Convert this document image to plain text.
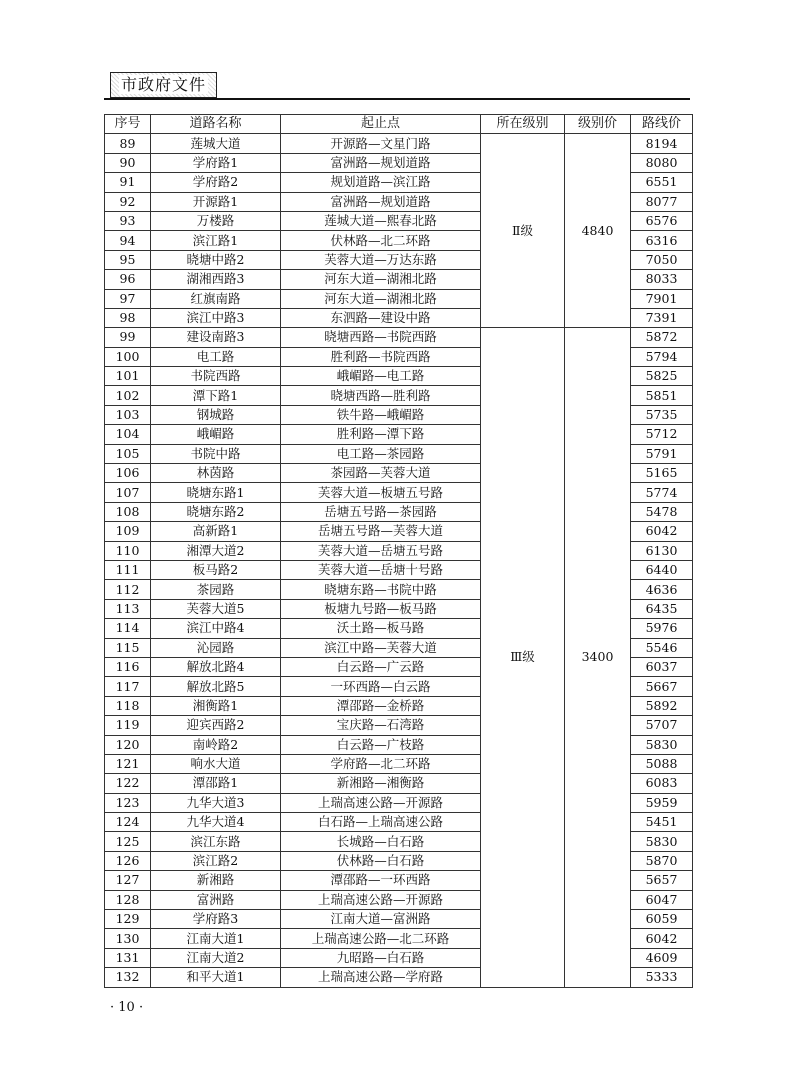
市政府文件
序号	道路名称	起止点	所在级别	级别价	路线价
89	莲城大道	开源路—文星门路	Ⅱ级	4840	8194
90	学府路1	富洲路—规划道路			8080
91	学府路2	规划道路—滨江路			6551
92	开源路1	富洲路—规划道路			8077
93	万楼路	莲城大道—熙春北路			6576
94	滨江路1	伏林路—北二环路			6316
95	晓塘中路2	芙蓉大道—万达东路			7050
96	湖湘西路3	河东大道—湖湘北路			8033
97	红旗南路	河东大道—湖湘北路			7901
98	滨江中路3	东泗路—建设中路			7391
99	建设南路3	晓塘西路—书院西路	Ⅲ级	3400	5872
100	电工路	胜利路—书院西路			5794
101	书院西路	峨嵋路—电工路			5825
102	潭下路1	晓塘西路—胜利路			5851
103	钢城路	铁牛路—峨嵋路			5735
104	峨嵋路	胜利路—潭下路			5712
105	书院中路	电工路—茶园路			5791
106	林茵路	茶园路—芙蓉大道			5165
107	晓塘东路1	芙蓉大道—板塘五号路			5774
108	晓塘东路2	岳塘五号路—茶园路			5478
109	高新路1	岳塘五号路—芙蓉大道			6042
110	湘潭大道2	芙蓉大道—岳塘五号路			6130
111	板马路2	芙蓉大道—岳塘十号路			6440
112	茶园路	晓塘东路—书院中路			4636
113	芙蓉大道5	板塘九号路—板马路			6435
114	滨江中路4	沃土路—板马路			5976
115	沁园路	滨江中路—芙蓉大道			5546
116	解放北路4	白云路—广云路			6037
117	解放北路5	一环西路—白云路			5667
118	湘衡路1	潭邵路—金桥路			5892
119	迎宾西路2	宝庆路—石湾路			5707
120	南岭路2	白云路—广枝路			5830
121	响水大道	学府路—北二环路			5088
122	潭邵路1	新湘路—湘衡路			6083
123	九华大道3	上瑞高速公路—开源路			5959
124	九华大道4	白石路—上瑞高速公路			5451
125	滨江东路	长城路—白石路			5830
126	滨江路2	伏林路—白石路			5870
127	新湘路	潭邵路—一环西路			5657
128	富洲路	上瑞高速公路—开源路			6047
129	学府路3	江南大道—富洲路			6059
130	江南大道1	上瑞高速公路—北二环路			6042
131	江南大道2	九昭路—白石路			4609
132	和平大道1	上瑞高速公路—学府路			5333
· 10 ·
